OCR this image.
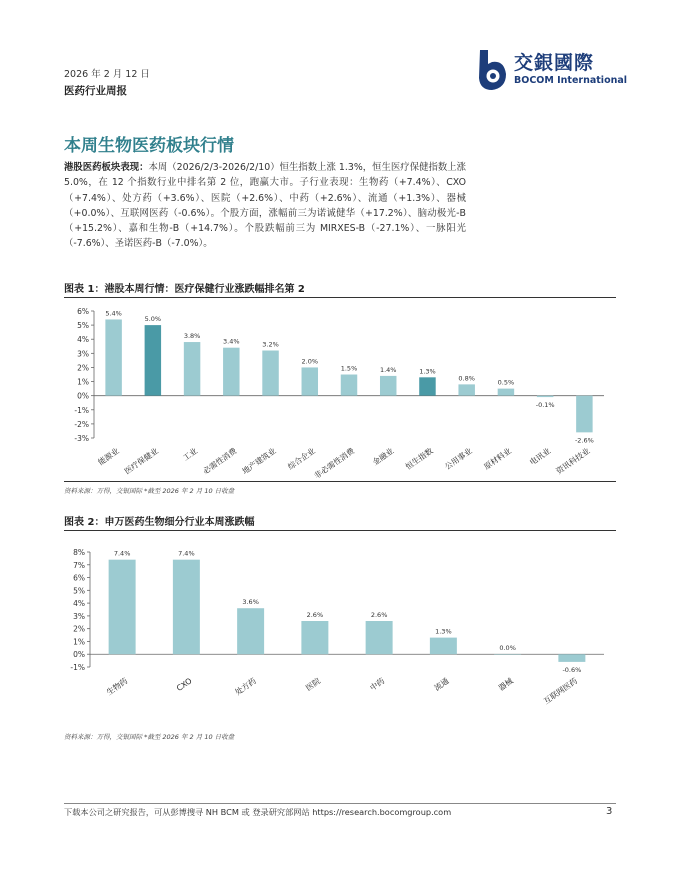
2026 年 2 月 12 日
医药行业周报
交銀國際
BOCOM International
本周生物医药板块行情
港股医药板块表现：本周（2026/2/3-2026/2/10）恒生指数上涨 1.3%，恒生医疗保健指数上涨 5.0%，在 12 个指数行业中排名第 2 位，跑赢大市。子行业表现：生物药（+7.4%）、CXO（+7.4%）、处方药（+3.6%）、医院（+2.6%）、中药（+2.6%）、流通（+1.3%）、器械（+0.0%）、互联网医药（-0.6%）。个股方面，涨幅前三为诺诚健华（+17.2%）、脑动极光-B（+15.2%）、嘉和生物-B（+14.7%）。个股跌幅前三为 MIRXES-B（-27.1%）、一脉阳光（-7.6%）、圣诺医药-B（-7.0%）。
图表 1：港股本周行情：医疗保健行业涨跌幅排名第 2
资料来源：万得，交银国际 *截至 2026 年 2 月 10 日收盘
图表 2：申万医药生物细分行业本周涨跌幅
资料来源：万得，交银国际 *截至 2026 年 2 月 10 日收盘
6%
5%
4%
3%
2%
1%
0%
-1%
-2%
-3%
5.4%
能源业
5.0%
医疗保健业
3.8%
工业
3.4%
必需性消费
3.2%
地产建筑业
2.0%
综合企业
1.5%
非必需性消费
1.4%
金融业
1.3%
恒生指数
0.8%
公用事业
0.5%
原材料业
-0.1%
电讯业
-2.6%
资讯科技业
8%
7%
6%
5%
4%
3%
2%
1%
0%
-1%
7.4%
生物药
7.4%
CXO
3.6%
处方药
2.6%
医院
2.6%
中药
1.3%
流通
0.0%
器械
-0.6%
互联网医药
下载本公司之研究报告，可从彭博搜寻 NH BCM 或 登录研究部网站 https://research.bocomgroup.com	3
